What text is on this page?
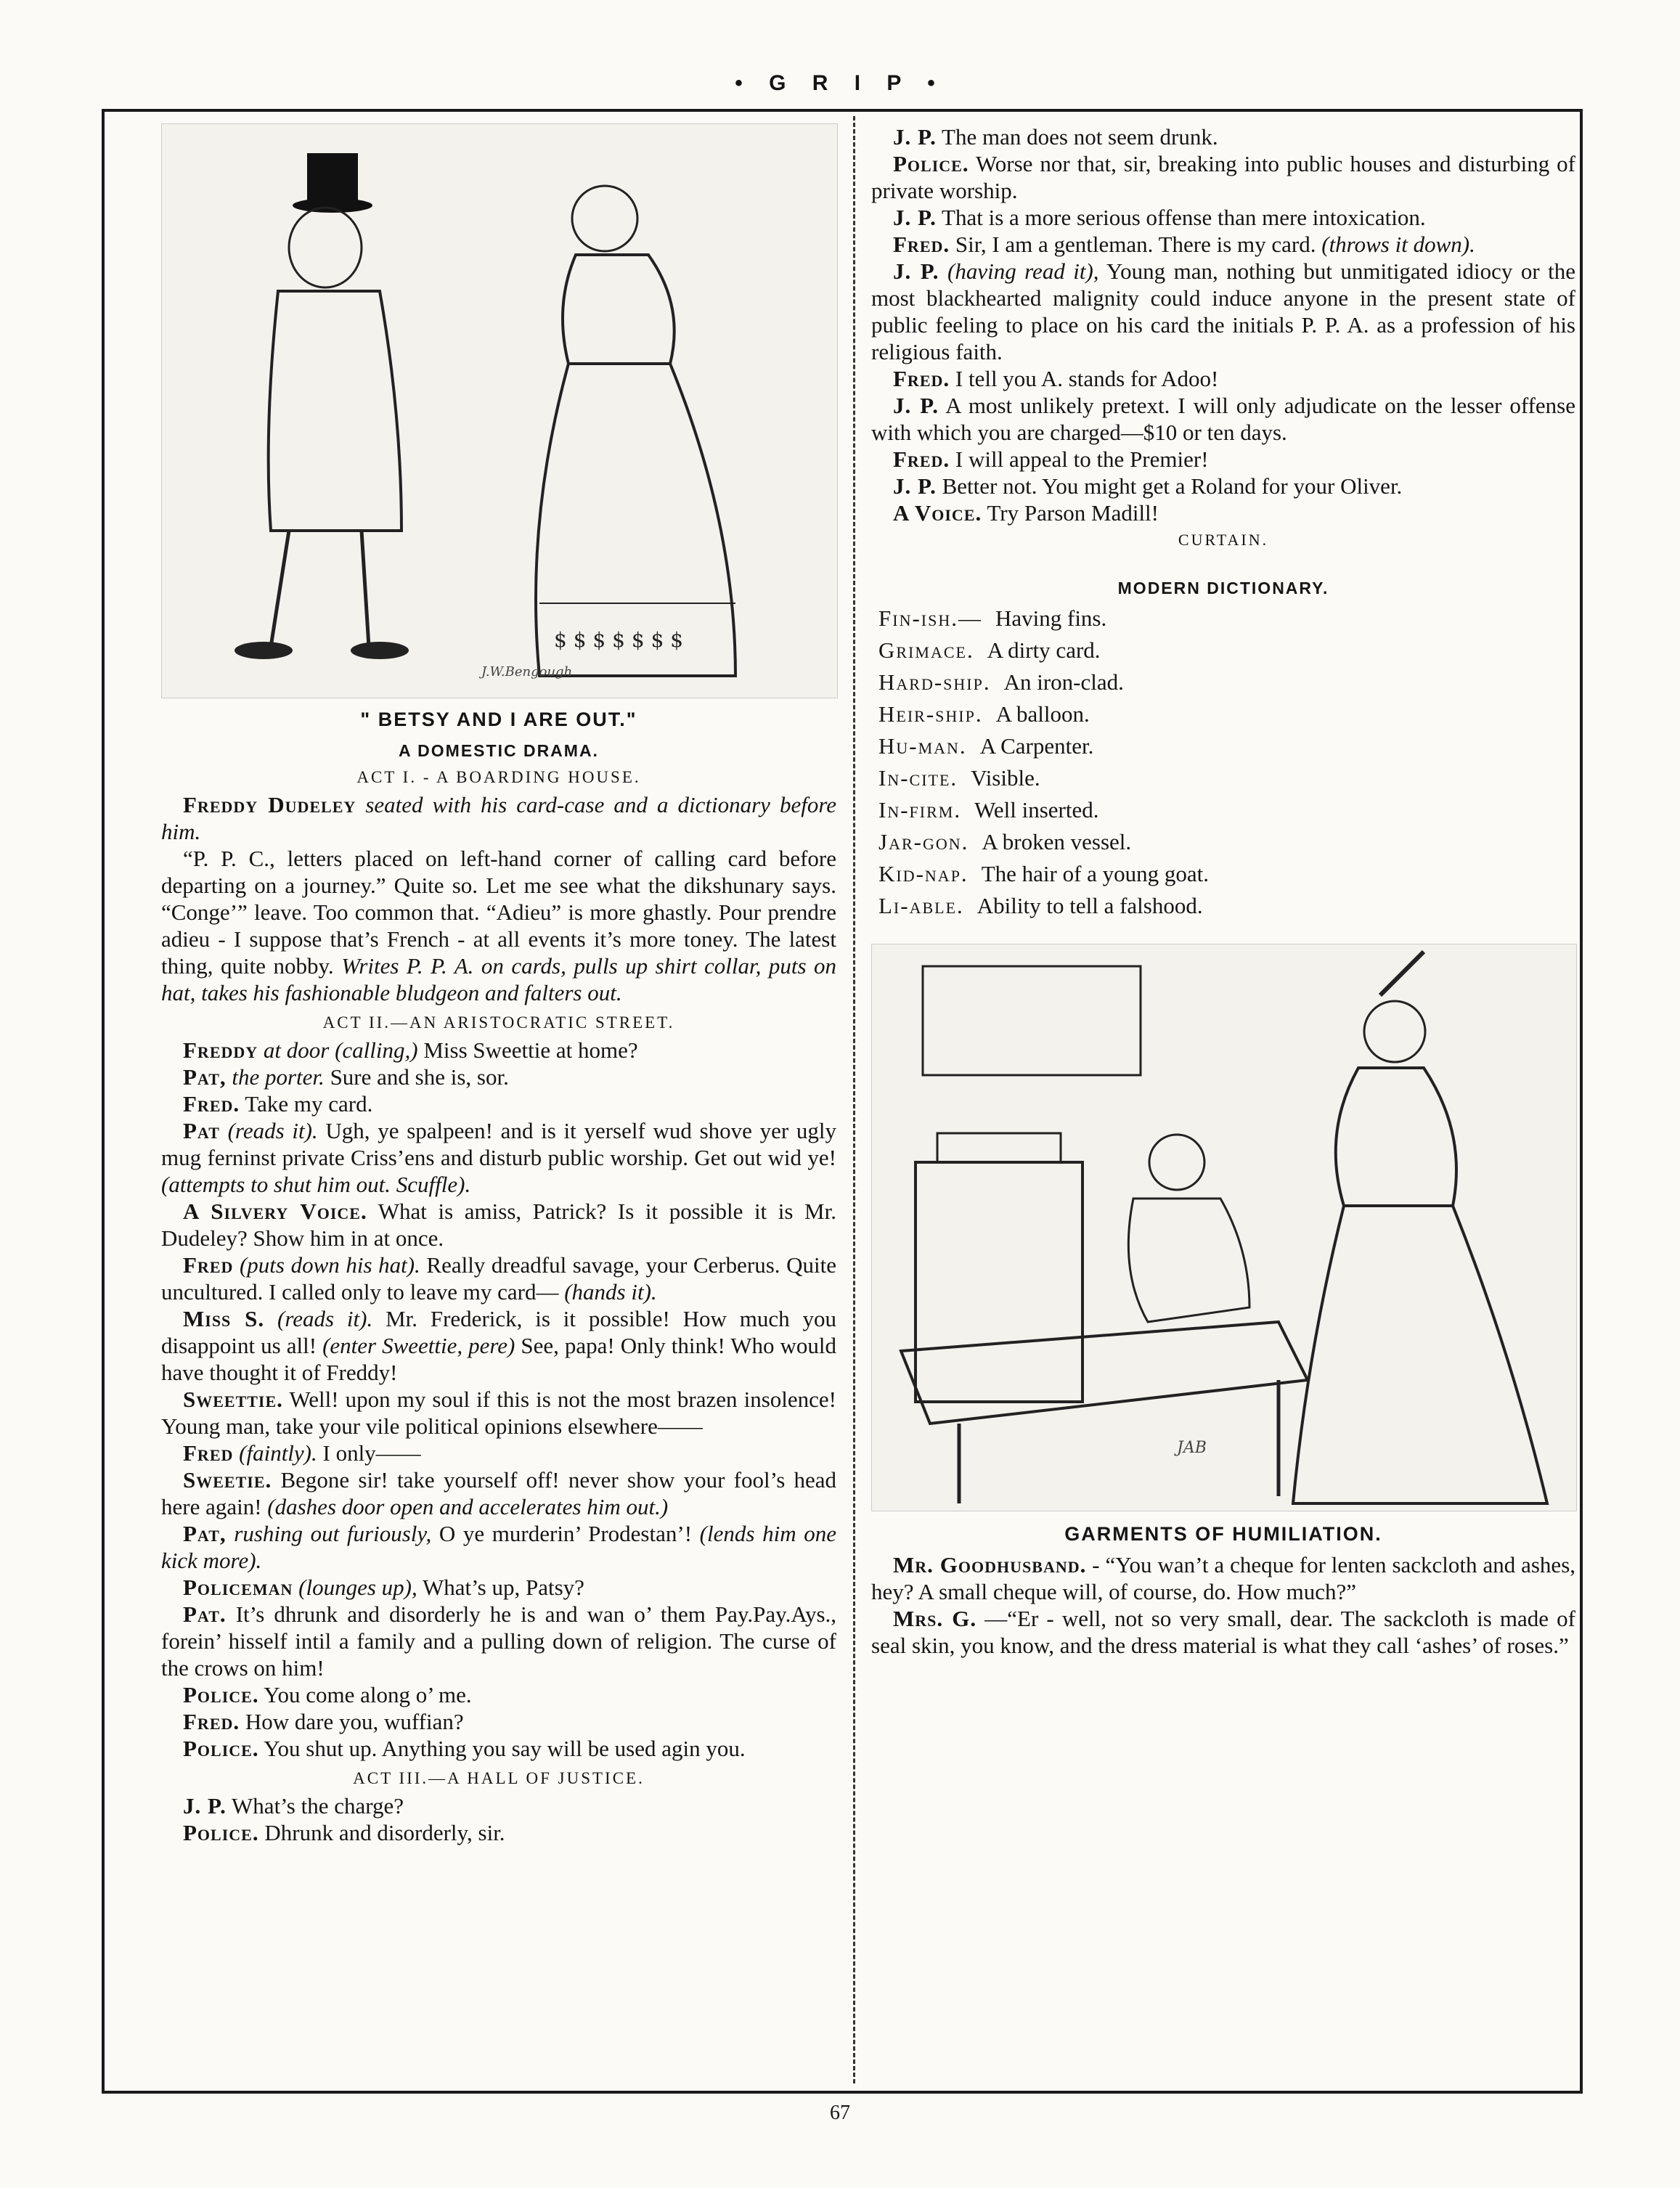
• G R I P •
$ $ $ $ $ $ $
J.W.Bengough
" BETSY AND I ARE OUT."
A DOMESTIC DRAMA.
ACT I. - A BOARDING HOUSE.

Freddy Dudeley seated with his card-case and a dictionary before him.

“P. P. C., letters placed on left-hand corner of calling card before departing on a journey.” Quite so. Let me see what the dikshunary says. “Conge’” leave. Too common that. “Adieu” is more ghastly. Pour prendre adieu - I suppose that’s French - at all events it’s more toney. The latest thing, quite nobby. Writes P. P. A. on cards, pulls up shirt collar, puts on hat, takes his fashionable bludgeon and falters out.

ACT II.—AN ARISTOCRATIC STREET.

Freddy at door (calling,) Miss Sweettie at home?

Pat, the porter. Sure and she is, sor.

Fred. Take my card.

Pat (reads it). Ugh, ye spalpeen! and is it yerself wud shove yer ugly mug ferninst private Criss’ens and disturb public worship. Get out wid ye! (attempts to shut him out. Scuffle).

A Silvery Voice. What is amiss, Patrick? Is it possible it is Mr. Dudeley? Show him in at once.

Fred (puts down his hat). Really dreadful savage, your Cerberus. Quite uncultured. I called only to leave my card— (hands it).

Miss S. (reads it). Mr. Frederick, is it possible! How much you disappoint us all! (enter Sweettie, pere) See, papa! Only think! Who would have thought it of Freddy!

Sweettie. Well! upon my soul if this is not the most brazen insolence! Young man, take your vile political opinions elsewhere——

Fred (faintly). I only——

Sweetie. Begone sir! take yourself off! never show your fool’s head here again! (dashes door open and accelerates him out.)

Pat, rushing out furiously, O ye murderin’ Prodestan’! (lends him one kick more).

Policeman (lounges up), What’s up, Patsy?

Pat. It’s dhrunk and disorderly he is and wan o’ them Pay.Pay.Ays., forein’ hisself intil a family and a pulling down of religion. The curse of the crows on him!

Police. You come along o’ me.

Fred. How dare you, wuffian?

Police. You shut up. Anything you say will be used agin you.

ACT III.—A HALL OF JUSTICE.

J. P. What’s the charge?

Police. Dhrunk and disorderly, sir.

J. P. The man does not seem drunk.

Police. Worse nor that, sir, breaking into public houses and disturbing of private worship.

J. P. That is a more serious offense than mere intoxication.

Fred. Sir, I am a gentleman. There is my card. (throws it down).

J. P. (having read it), Young man, nothing but unmitigated idiocy or the most blackhearted malignity could induce anyone in the present state of public feeling to place on his card the initials P. P. A. as a profession of his religious faith.

Fred. I tell you A. stands for Adoo!

J. P. A most unlikely pretext. I will only adjudicate on the lesser offense with which you are charged—$10 or ten days.

Fred. I will appeal to the Premier!

J. P. Better not. You might get a Roland for your Oliver.

A Voice. Try Parson Madill!

CURTAIN.
MODERN DICTIONARY.
Fin-ish.— Having fins.
Grimace. A dirty card.
Hard-ship. An iron-clad.
Heir-ship. A balloon.
Hu-man. A Carpenter.
In-cite. Visible.
In-firm. Well inserted.
Jar-gon. A broken vessel.
Kid-nap. The hair of a young goat.
Li-able. Ability to tell a falshood.
JAB
GARMENTS OF HUMILIATION.

Mr. Goodhusband. - “You wan’t a cheque for lenten sackcloth and ashes, hey? A small cheque will, of course, do. How much?”

Mrs. G. —“Er - well, not so very small, dear. The sackcloth is made of seal skin, you know, and the dress material is what they call ‘ashes’ of roses.”

67
